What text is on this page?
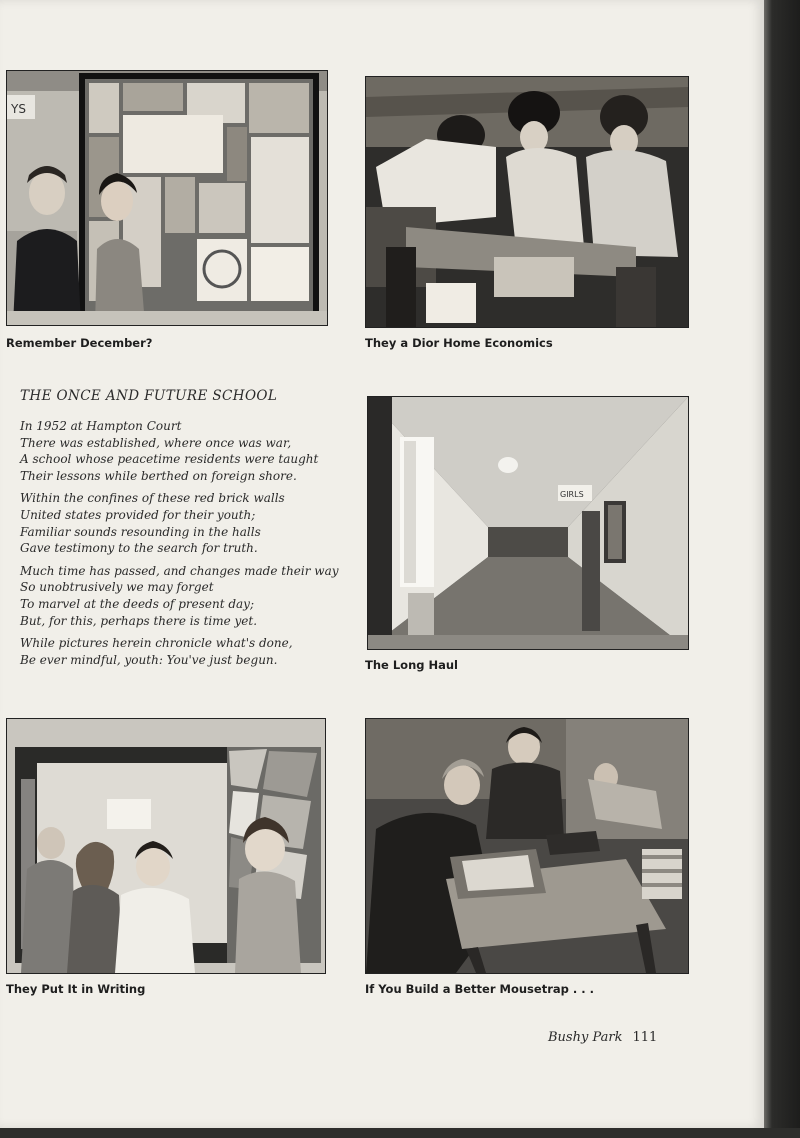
YS
Remember December?	They a Dior Home Economics
THE ONCE AND FUTURE SCHOOL
In 1952 at Hampton Court
There was established, where once was war,
A school whose peacetime residents were taught
Their lessons while berthed on foreign shore.
Within the confines of these red brick walls
United states provided for their youth;
Familiar sounds resounding in the halls
Gave testimony to the search for truth.
Much time has passed, and changes made their way
So unobtrusively we may forget
To marvel at the deeds of present day;
But, for this, perhaps there is time yet.
While pictures herein chronicle what's done,
Be ever mindful, youth: You've just begun.
GIRLS
The Long Haul
They Put It in Writing	If You Build a Better Mousetrap . . .
Bushy Park 111
